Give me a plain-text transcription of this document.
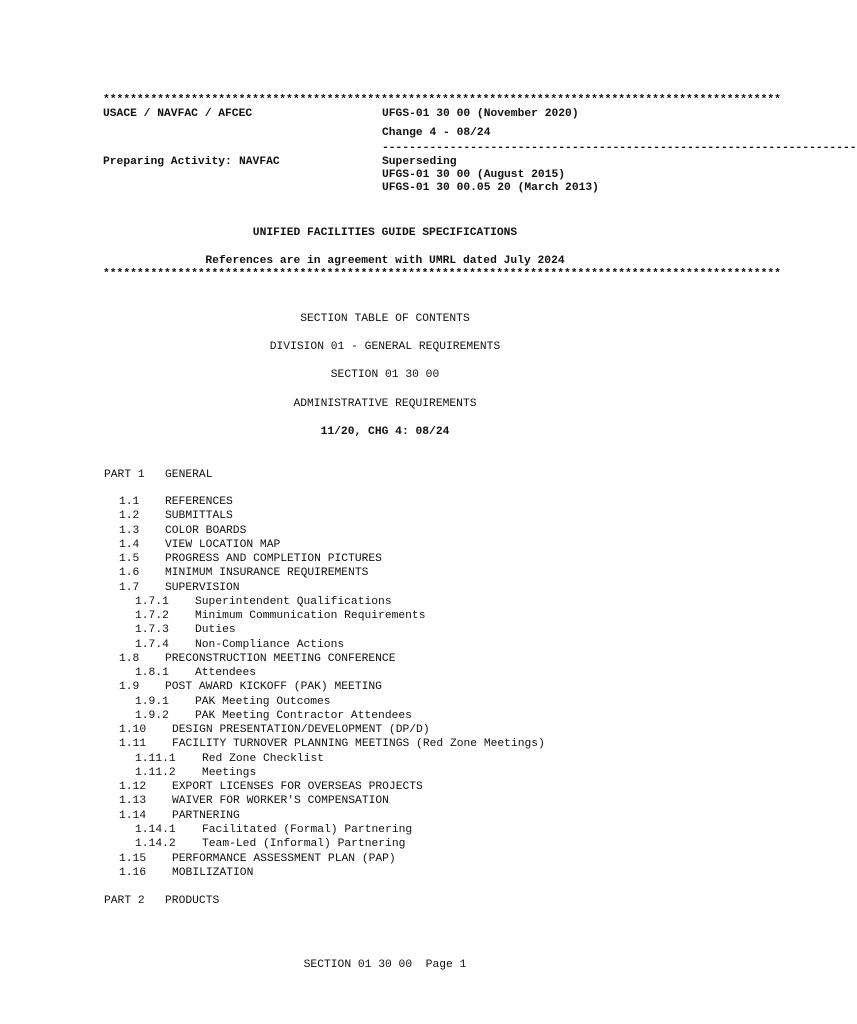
****************************************************************************************************
USACE / NAVFAC / AFCEC	UFGS-01 30 00 (November 2020)
Change 4 - 08/24
----------------------------------------------------------------------
Preparing Activity: NAVFAC	Superseding
UFGS-01 30 00 (August 2015)
UFGS-01 30 00.05 20 (March 2013)
UNIFIED FACILITIES GUIDE SPECIFICATIONS
References are in agreement with UMRL dated July 2024
****************************************************************************************************
SECTION TABLE OF CONTENTS
DIVISION 01 - GENERAL REQUIREMENTS
SECTION 01 30 00
ADMINISTRATIVE REQUIREMENTS
11/20, CHG 4: 08/24
PART 1   GENERAL
1.1 REFERENCES
1.2 SUBMITTALS
1.3 COLOR BOARDS
1.4 VIEW LOCATION MAP
1.5 PROGRESS AND COMPLETION PICTURES
1.6 MINIMUM INSURANCE REQUIREMENTS
1.7 SUPERVISION
1.7.1 Superintendent Qualifications
1.7.2 Minimum Communication Requirements
1.7.3 Duties
1.7.4 Non-Compliance Actions
1.8 PRECONSTRUCTION MEETING CONFERENCE
1.8.1 Attendees
1.9 POST AWARD KICKOFF (PAK) MEETING
1.9.1 PAK Meeting Outcomes
1.9.2 PAK Meeting Contractor Attendees
1.10 DESIGN PRESENTATION/DEVELOPMENT (DP/D)
1.11 FACILITY TURNOVER PLANNING MEETINGS (Red Zone Meetings)
1.11.1 Red Zone Checklist
1.11.2 Meetings
1.12 EXPORT LICENSES FOR OVERSEAS PROJECTS
1.13 WAIVER FOR WORKER'S COMPENSATION
1.14 PARTNERING
1.14.1 Facilitated (Formal) Partnering
1.14.2 Team-Led (Informal) Partnering
1.15 PERFORMANCE ASSESSMENT PLAN (PAP)
1.16 MOBILIZATION
PART 2   PRODUCTS
SECTION 01 30 00  Page 1
